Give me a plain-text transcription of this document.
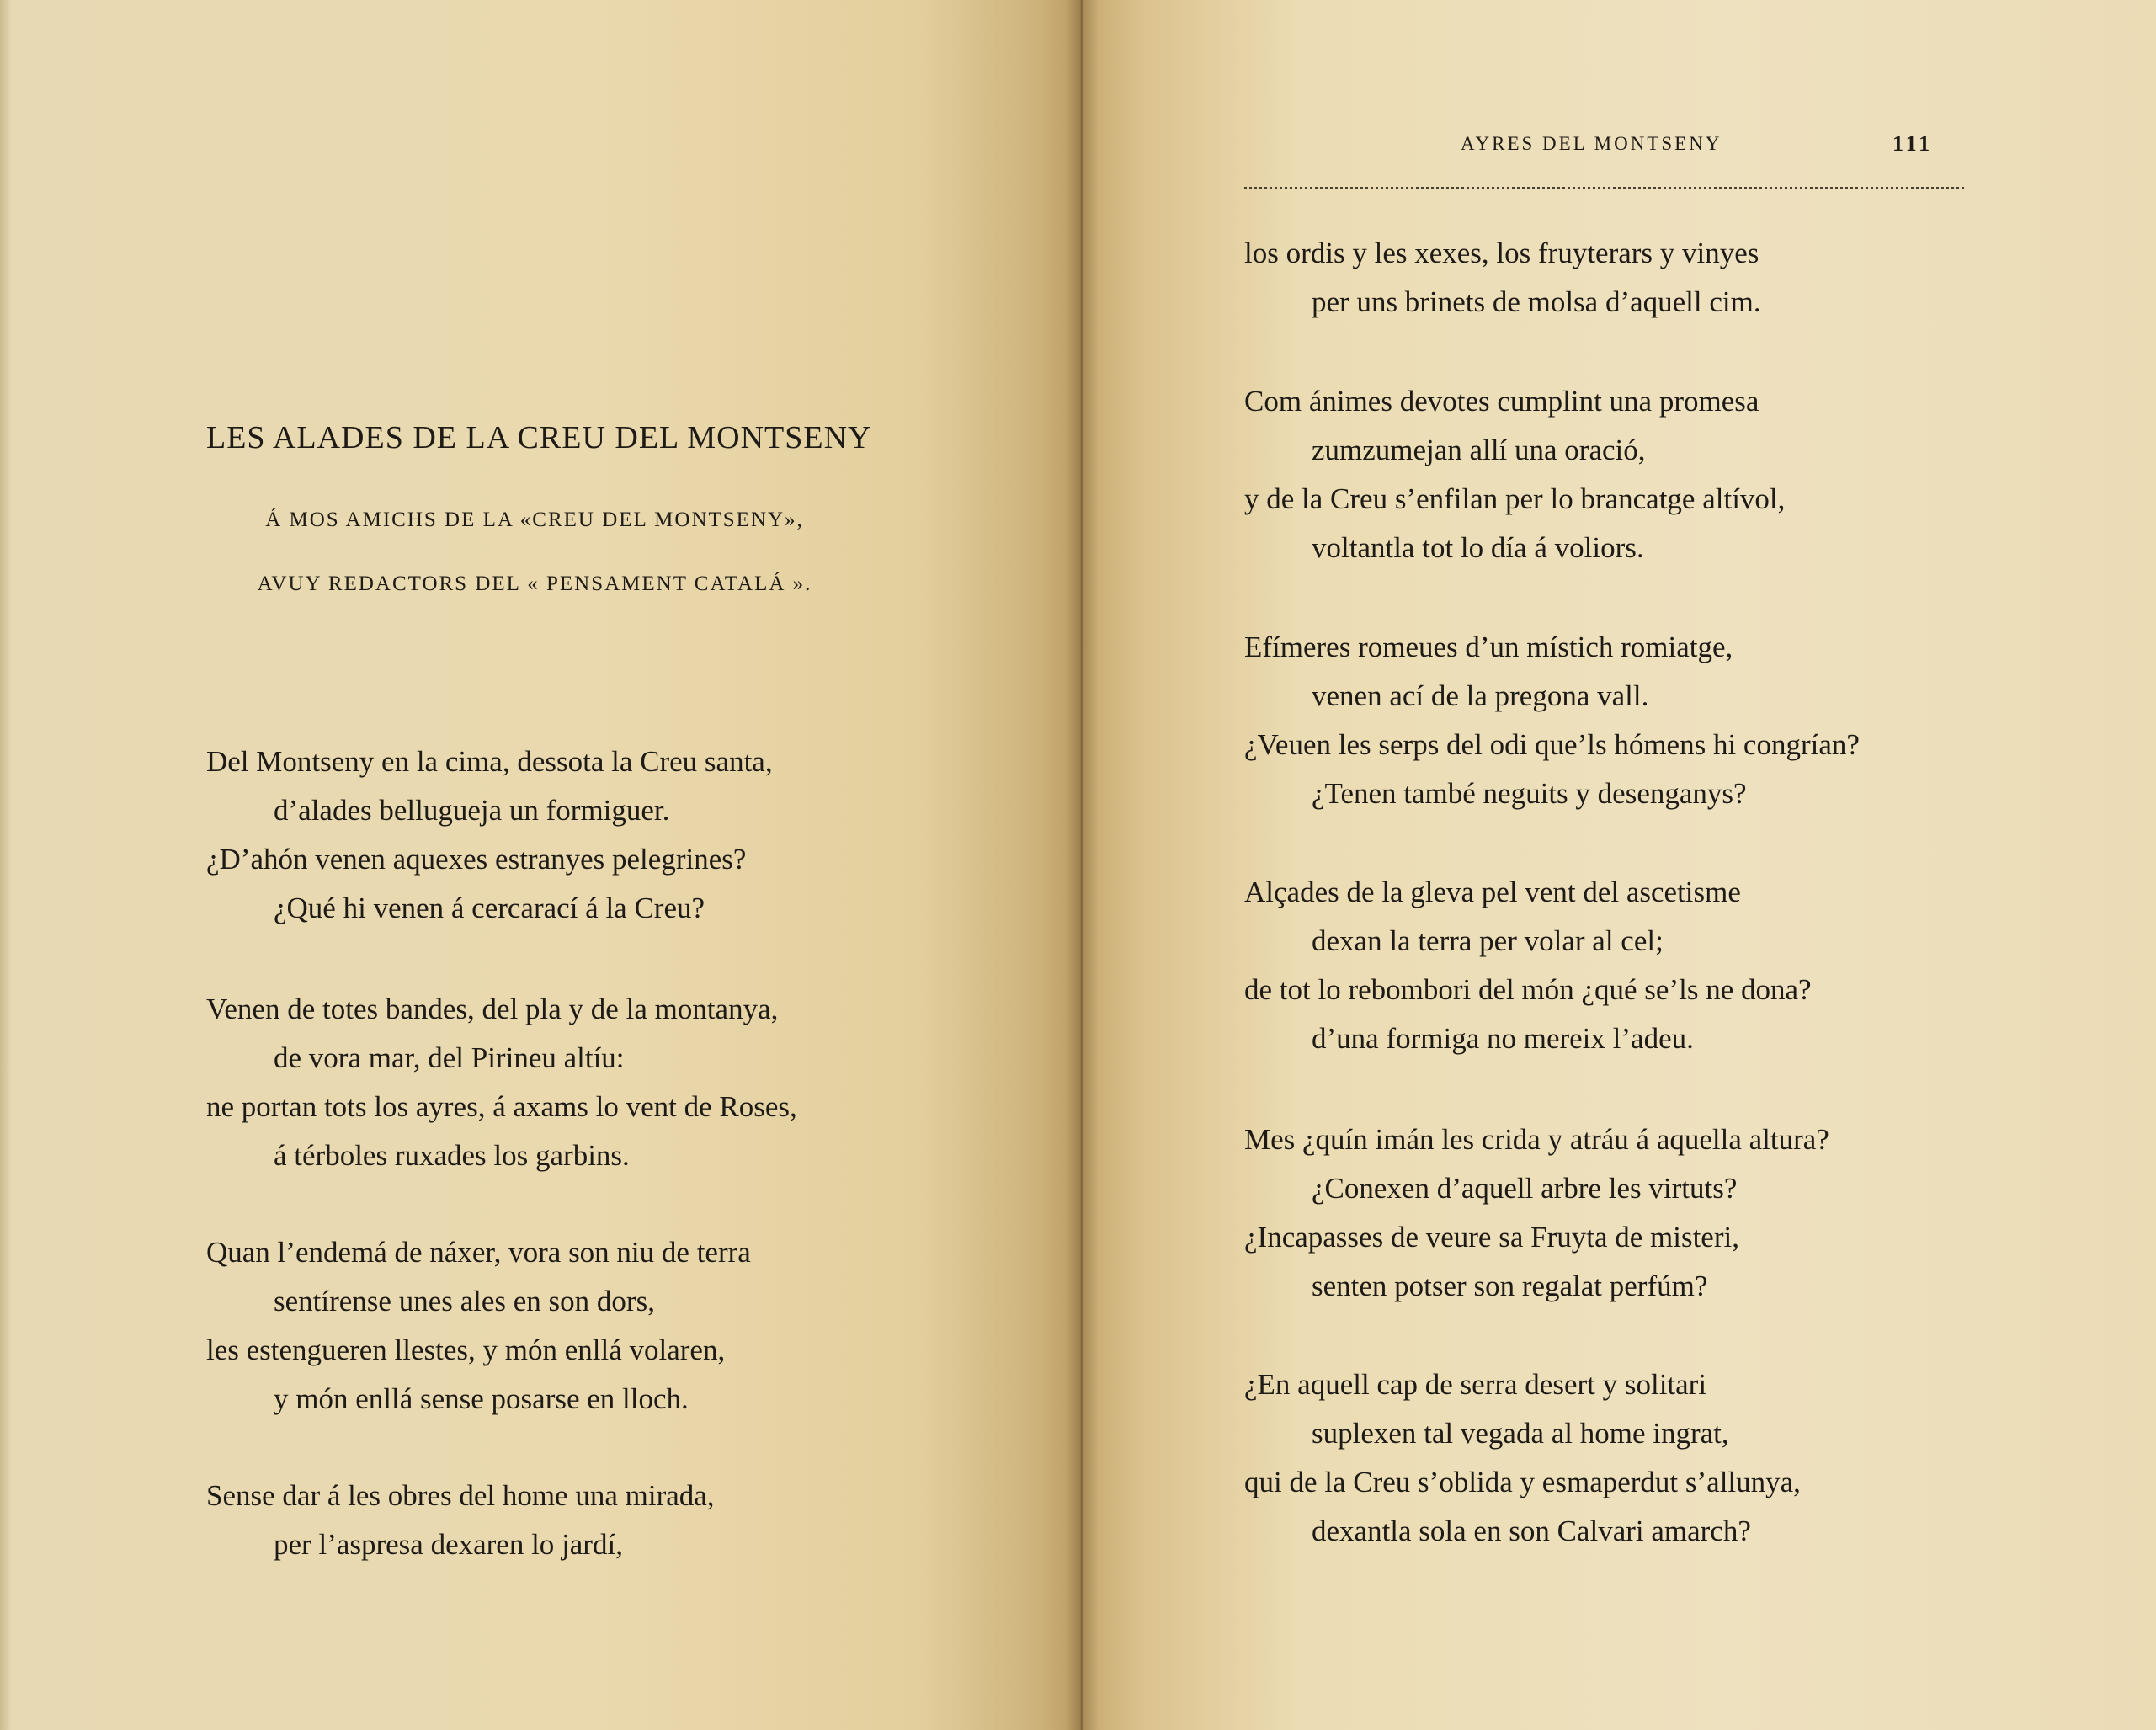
LES ALADES DE LA CREU DEL MONTSENY

Á MOS AMICHS DE LA «CREU DEL MONTSENY»,

AVUY REDACTORS DEL « PENSAMENT CATALÁ ».

Del Montseny en la cima, dessota la Creu santa,
d’alades bellugueja un formiguer.
¿D’ahón venen aquexes estranyes pelegrines?
¿Qué hi venen á cercarací á la Creu?
Venen de totes bandes, del pla y de la montanya,
de vora mar, del Pirineu altíu:
ne portan tots los ayres, á axams lo vent de Roses,
á térboles ruxades los garbins.
Quan l’endemá de náxer, vora son niu de terra
sentírense unes ales en son dors,
les estengueren llestes, y món enllá volaren,
y món enllá sense posarse en lloch.
Sense dar á les obres del home una mirada,
per l’aspresa dexaren lo jardí,
AYRES DEL MONTSENY	111
los ordis y les xexes, los fruyterars y vinyes
per uns brinets de molsa d’aquell cim.
Com ánimes devotes cumplint una promesa
zumzumejan allí una oració,
y de la Creu s’enfilan per lo brancatge altívol,
voltantla tot lo día á voliors.
Efímeres romeues d’un místich romiatge,
venen ací de la pregona vall.
¿Veuen les serps del odi que’ls hómens hi congrían?
¿Tenen també neguits y desenganys?
Alçades de la gleva pel vent del ascetisme
dexan la terra per volar al cel;
de tot lo rebombori del món ¿qué se’ls ne dona?
d’una formiga no mereix l’adeu.
Mes ¿quín imán les crida y atráu á aquella altura?
¿Conexen d’aquell arbre les virtuts?
¿Incapasses de veure sa Fruyta de misteri,
senten potser son regalat perfúm?
¿En aquell cap de serra desert y solitari
suplexen tal vegada al home ingrat,
qui de la Creu s’oblida y esmaperdut s’allunya,
dexantla sola en son Calvari amarch?
